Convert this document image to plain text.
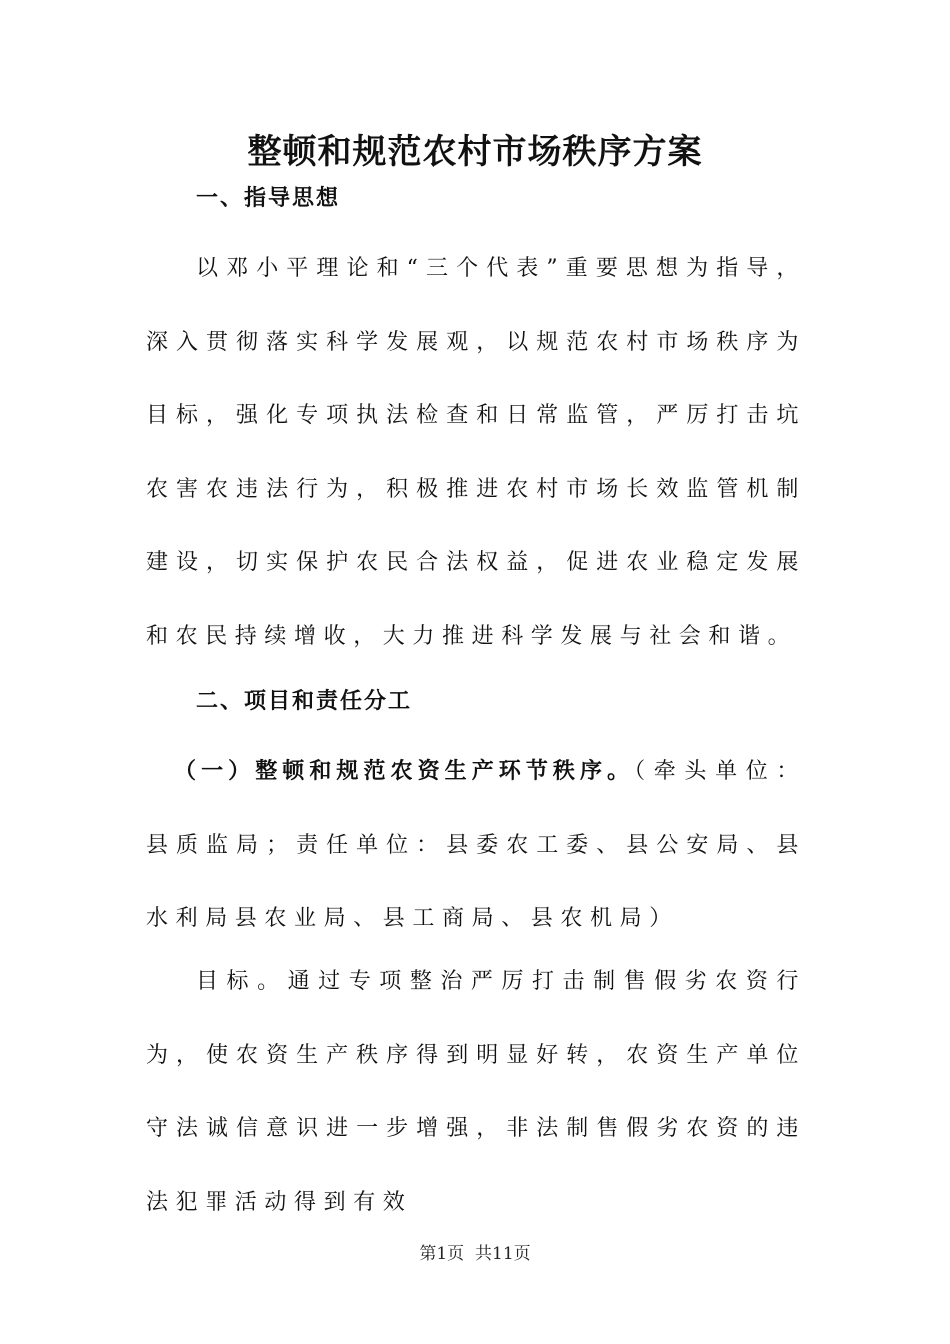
整顿和规范农村市场秩序方案
一、指导思想

以邓小平理论和“三个代表”重要思想为指导，深入贯彻落实科学发展观，以规范农村市场秩序为目标，强化专项执法检查和日常监管，严厉打击坑农害农违法行为，积极推进农村市场长效监管机制建设，切实保护农民合法权益，促进农业稳定发展和农民持续增收，大力推进科学发展与社会和谐。

二、项目和责任分工

（一）整顿和规范农资生产环节秩序。（牵头单位：县质监局；责任单位：县委农工委、县公安局、县水利局县农业局、县工商局、县农机局）

目标。通过专项整治严厉打击制售假劣农资行为，使农资生产秩序得到明显好转，农资生产单位守法诚信意识进一步增强，非法制售假劣农资的违法犯罪活动得到有效

第1页 共11页
